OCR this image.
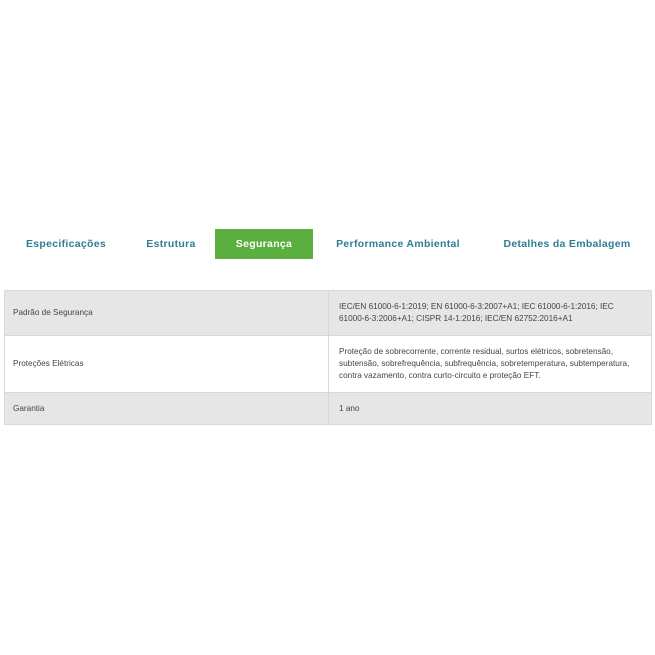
Especificações	Estrutura	Segurança	Performance Ambiental	Detalhes da Embalagem
Padrão de Segurança	IEC/EN 61000-6-1:2019; EN 61000-6-3:2007+A1; IEC 61000-6-1:2016; IEC 61000-6-3:2006+A1; CISPR 14-1:2016; IEC/EN 62752:2016+A1
Proteções Elétricas	Proteção de sobrecorrente, corrente residual, surtos elétricos, sobretensão, subtensão, sobrefrequência, subfrequência, sobretemperatura, subtemperatura, contra vazamento, contra curto-circuito e proteção EFT.
Garantia	1 ano
